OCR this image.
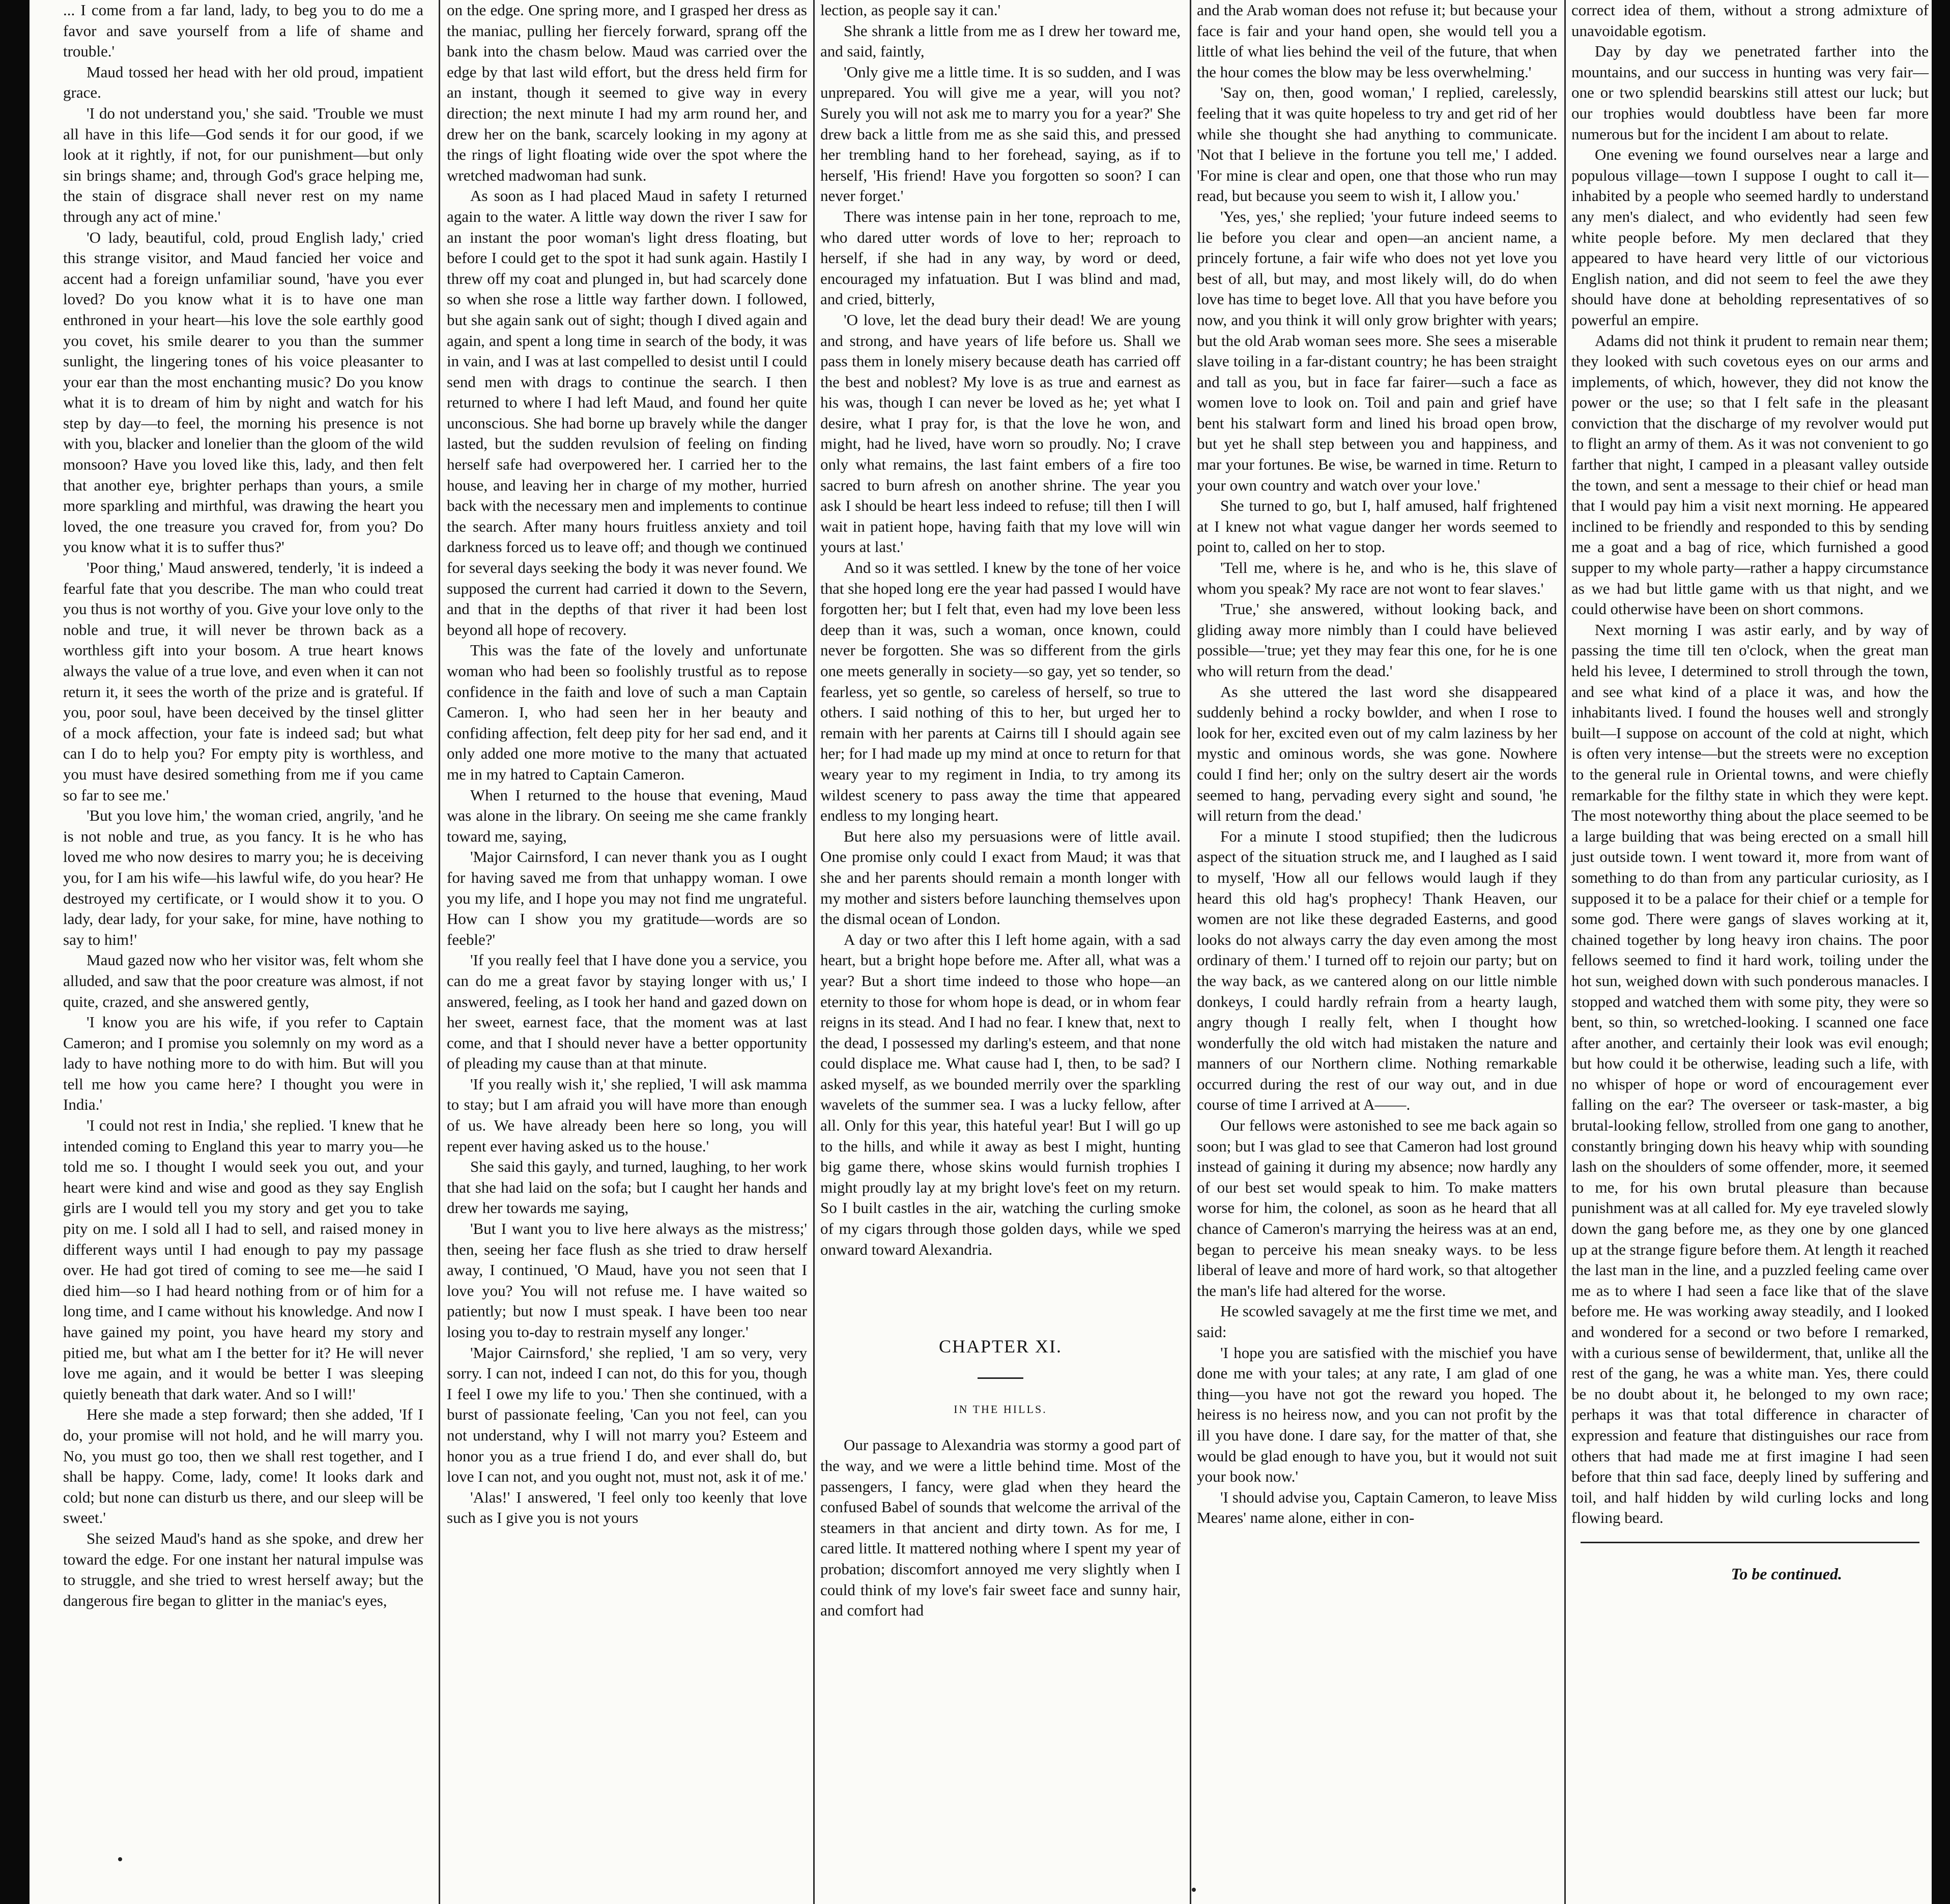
... I come from a far land, lady, to beg you to do me a favor and save yourself from a life of shame and trouble.'

Maud tossed her head with her old proud, impatient grace.

'I do not understand you,' she said. 'Trouble we must all have in this life—God sends it for our good, if we look at it rightly, if not, for our punishment—but only sin brings shame; and, through God's grace helping me, the stain of disgrace shall never rest on my name through any act of mine.'

'O lady, beautiful, cold, proud English lady,' cried this strange visitor, and Maud fancied her voice and accent had a foreign unfamiliar sound, 'have you ever loved? Do you know what it is to have one man enthroned in your heart—his love the sole earthly good you covet, his smile dearer to you than the summer sunlight, the lingering tones of his voice pleasanter to your ear than the most enchanting music? Do you know what it is to dream of him by night and watch for his step by day—to feel, the morning his presence is not with you, blacker and lonelier than the gloom of the wild monsoon? Have you loved like this, lady, and then felt that another eye, brighter perhaps than yours, a smile more sparkling and mirthful, was drawing the heart you loved, the one treasure you craved for, from you? Do you know what it is to suffer thus?'

'Poor thing,' Maud answered, tenderly, 'it is indeed a fearful fate that you describe. The man who could treat you thus is not worthy of you. Give your love only to the noble and true, it will never be thrown back as a worthless gift into your bosom. A true heart knows always the value of a true love, and even when it can not return it, it sees the worth of the prize and is grateful. If you, poor soul, have been deceived by the tinsel glitter of a mock affection, your fate is indeed sad; but what can I do to help you? For empty pity is worthless, and you must have desired something from me if you came so far to see me.'

'But you love him,' the woman cried, angrily, 'and he is not noble and true, as you fancy. It is he who has loved me who now desires to marry you; he is deceiving you, for I am his wife—his lawful wife, do you hear? He destroyed my certificate, or I would show it to you. O lady, dear lady, for your sake, for mine, have nothing to say to him!'

Maud gazed now who her visitor was, felt whom she alluded, and saw that the poor creature was almost, if not quite, crazed, and she answered gently,

'I know you are his wife, if you refer to Captain Cameron; and I promise you solemnly on my word as a lady to have nothing more to do with him. But will you tell me how you came here? I thought you were in India.'

'I could not rest in India,' she replied. 'I knew that he intended coming to England this year to marry you—he told me so. I thought I would seek you out, and your heart were kind and wise and good as they say English girls are I would tell you my story and get you to take pity on me. I sold all I had to sell, and raised money in different ways until I had enough to pay my passage over. He had got tired of coming to see me—he said I died him—so I had heard nothing from or of him for a long time, and I came without his knowledge. And now I have gained my point, you have heard my story and pitied me, but what am I the better for it? He will never love me again, and it would be better I was sleeping quietly beneath that dark water. And so I will!'

Here she made a step forward; then she added, 'If I do, your promise will not hold, and he will marry you. No, you must go too, then we shall rest together, and I shall be happy. Come, lady, come! It looks dark and cold; but none can disturb us there, and our sleep will be sweet.'

She seized Maud's hand as she spoke, and drew her toward the edge. For one instant her natural impulse was to struggle, and she tried to wrest herself away; but the dangerous fire began to glitter in the maniac's eyes,

on the edge. One spring more, and I grasped her dress as the maniac, pulling her fiercely forward, sprang off the bank into the chasm below. Maud was carried over the edge by that last wild effort, but the dress held firm for an instant, though it seemed to give way in every direction; the next minute I had my arm round her, and drew her on the bank, scarcely looking in my agony at the rings of light floating wide over the spot where the wretched madwoman had sunk.

As soon as I had placed Maud in safety I returned again to the water. A little way down the river I saw for an instant the poor woman's light dress floating, but before I could get to the spot it had sunk again. Hastily I threw off my coat and plunged in, but had scarcely done so when she rose a little way farther down. I followed, but she again sank out of sight; though I dived again and again, and spent a long time in search of the body, it was in vain, and I was at last compelled to desist until I could send men with drags to continue the search. I then returned to where I had left Maud, and found her quite unconscious. She had borne up bravely while the danger lasted, but the sudden revulsion of feeling on finding herself safe had overpowered her. I carried her to the house, and leaving her in charge of my mother, hurried back with the necessary men and implements to continue the search. After many hours fruitless anxiety and toil darkness forced us to leave off; and though we continued for several days seeking the body it was never found. We supposed the current had carried it down to the Severn, and that in the depths of that river it had been lost beyond all hope of recovery.

This was the fate of the lovely and unfortunate woman who had been so foolishly trustful as to repose confidence in the faith and love of such a man Captain Cameron. I, who had seen her in her beauty and confiding affection, felt deep pity for her sad end, and it only added one more motive to the many that actuated me in my hatred to Captain Cameron.

When I returned to the house that evening, Maud was alone in the library. On seeing me she came frankly toward me, saying,

'Major Cairnsford, I can never thank you as I ought for having saved me from that unhappy woman. I owe you my life, and I hope you may not find me ungrateful. How can I show you my gratitude—words are so feeble?'

'If you really feel that I have done you a service, you can do me a great favor by staying longer with us,' I answered, feeling, as I took her hand and gazed down on her sweet, earnest face, that the moment was at last come, and that I should never have a better opportunity of pleading my cause than at that minute.

'If you really wish it,' she replied, 'I will ask mamma to stay; but I am afraid you will have more than enough of us. We have already been here so long, you will repent ever having asked us to the house.'

She said this gayly, and turned, laughing, to her work that she had laid on the sofa; but I caught her hands and drew her towards me saying,

'But I want you to live here always as the mistress;' then, seeing her face flush as she tried to draw herself away, I continued, 'O Maud, have you not seen that I love you? You will not refuse me. I have waited so patiently; but now I must speak. I have been too near losing you to-day to restrain myself any longer.'

'Major Cairnsford,' she replied, 'I am so very, very sorry. I can not, indeed I can not, do this for you, though I feel I owe my life to you.' Then she continued, with a burst of passionate feeling, 'Can you not feel, can you not understand, why I will not marry you? Esteem and honor you as a true friend I do, and ever shall do, but love I can not, and you ought not, must not, ask it of me.'

'Alas!' I answered, 'I feel only too keenly that love such as I give you is not yours

lection, as people say it can.'

She shrank a little from me as I drew her toward me, and said, faintly,

'Only give me a little time. It is so sudden, and I was unprepared. You will give me a year, will you not? Surely you will not ask me to marry you for a year?' She drew back a little from me as she said this, and pressed her trembling hand to her forehead, saying, as if to herself, 'His friend! Have you forgotten so soon? I can never forget.'

There was intense pain in her tone, reproach to me, who dared utter words of love to her; reproach to herself, if she had in any way, by word or deed, encouraged my infatuation. But I was blind and mad, and cried, bitterly,

'O love, let the dead bury their dead! We are young and strong, and have years of life before us. Shall we pass them in lonely misery because death has carried off the best and noblest? My love is as true and earnest as his was, though I can never be loved as he; yet what I desire, what I pray for, is that the love he won, and might, had he lived, have worn so proudly. No; I crave only what remains, the last faint embers of a fire too sacred to burn afresh on another shrine. The year you ask I should be heart less indeed to refuse; till then I will wait in patient hope, having faith that my love will win yours at last.'

And so it was settled. I knew by the tone of her voice that she hoped long ere the year had passed I would have forgotten her; but I felt that, even had my love been less deep than it was, such a woman, once known, could never be forgotten. She was so different from the girls one meets generally in society—so gay, yet so tender, so fearless, yet so gentle, so careless of herself, so true to others. I said nothing of this to her, but urged her to remain with her parents at Cairns till I should again see her; for I had made up my mind at once to return for that weary year to my regiment in India, to try among its wildest scenery to pass away the time that appeared endless to my longing heart.

But here also my persuasions were of little avail. One promise only could I exact from Maud; it was that she and her parents should remain a month longer with my mother and sisters before launching themselves upon the dismal ocean of London.

A day or two after this I left home again, with a sad heart, but a bright hope before me. After all, what was a year? But a short time indeed to those who hope—an eternity to those for whom hope is dead, or in whom fear reigns in its stead. And I had no fear. I knew that, next to the dead, I possessed my darling's esteem, and that none could displace me. What cause had I, then, to be sad? I asked myself, as we bounded merrily over the sparkling wavelets of the summer sea. I was a lucky fellow, after all. Only for this year, this hateful year! But I will go up to the hills, and while it away as best I might, hunting big game there, whose skins would furnish trophies I might proudly lay at my bright love's feet on my return. So I built castles in the air, watching the curling smoke of my cigars through those golden days, while we sped onward toward Alexandria.

CHAPTER XI.
IN THE HILLS.

Our passage to Alexandria was stormy a good part of the way, and we were a little behind time. Most of the passengers, I fancy, were glad when they heard the confused Babel of sounds that welcome the arrival of the steamers in that ancient and dirty town. As for me, I cared little. It mattered nothing where I spent my year of probation; discomfort annoyed me very slightly when I could think of my love's fair sweet face and sunny hair, and comfort had

and the Arab woman does not refuse it; but because your face is fair and your hand open, she would tell you a little of what lies behind the veil of the future, that when the hour comes the blow may be less overwhelming.'

'Say on, then, good woman,' I replied, carelessly, feeling that it was quite hopeless to try and get rid of her while she thought she had anything to communicate. 'Not that I believe in the fortune you tell me,' I added. 'For mine is clear and open, one that those who run may read, but because you seem to wish it, I allow you.'

'Yes, yes,' she replied; 'your future indeed seems to lie before you clear and open—an ancient name, a princely fortune, a fair wife who does not yet love you best of all, but may, and most likely will, do do when love has time to beget love. All that you have before you now, and you think it will only grow brighter with years; but the old Arab woman sees more. She sees a miserable slave toiling in a far-distant country; he has been straight and tall as you, but in face far fairer—such a face as women love to look on. Toil and pain and grief have bent his stalwart form and lined his broad open brow, but yet he shall step between you and happiness, and mar your fortunes. Be wise, be warned in time. Return to your own country and watch over your love.'

She turned to go, but I, half amused, half frightened at I knew not what vague danger her words seemed to point to, called on her to stop.

'Tell me, where is he, and who is he, this slave of whom you speak? My race are not wont to fear slaves.'

'True,' she answered, without looking back, and gliding away more nimbly than I could have believed possible—'true; yet they may fear this one, for he is one who will return from the dead.'

As she uttered the last word she disappeared suddenly behind a rocky bowlder, and when I rose to look for her, excited even out of my calm laziness by her mystic and ominous words, she was gone. Nowhere could I find her; only on the sultry desert air the words seemed to hang, pervading every sight and sound, 'he will return from the dead.'

For a minute I stood stupified; then the ludicrous aspect of the situation struck me, and I laughed as I said to myself, 'How all our fellows would laugh if they heard this old hag's prophecy! Thank Heaven, our women are not like these degraded Easterns, and good looks do not always carry the day even among the most ordinary of them.' I turned off to rejoin our party; but on the way back, as we cantered along on our little nimble donkeys, I could hardly refrain from a hearty laugh, angry though I really felt, when I thought how wonderfully the old witch had mistaken the nature and manners of our Northern clime. Nothing remarkable occurred during the rest of our way out, and in due course of time I arrived at A——.

Our fellows were astonished to see me back again so soon; but I was glad to see that Cameron had lost ground instead of gaining it during my absence; now hardly any of our best set would speak to him. To make matters worse for him, the colonel, as soon as he heard that all chance of Cameron's marrying the heiress was at an end, began to perceive his mean sneaky ways. to be less liberal of leave and more of hard work, so that altogether the man's life had altered for the worse.

He scowled savagely at me the first time we met, and said:

'I hope you are satisfied with the mischief you have done me with your tales; at any rate, I am glad of one thing—you have not got the reward you hoped. The heiress is no heiress now, and you can not profit by the ill you have done. I dare say, for the matter of that, she would be glad enough to have you, but it would not suit your book now.'

'I should advise you, Captain Cameron, to leave Miss Meares' name alone, either in con-

correct idea of them, without a strong admixture of unavoidable egotism.

Day by day we penetrated farther into the mountains, and our success in hunting was very fair—one or two splendid bearskins still attest our luck; but our trophies would doubtless have been far more numerous but for the incident I am about to relate.

One evening we found ourselves near a large and populous village—town I suppose I ought to call it—inhabited by a people who seemed hardly to understand any men's dialect, and who evidently had seen few white people before. My men declared that they appeared to have heard very little of our victorious English nation, and did not seem to feel the awe they should have done at beholding representatives of so powerful an empire.

Adams did not think it prudent to remain near them; they looked with such covetous eyes on our arms and implements, of which, however, they did not know the power or the use; so that I felt safe in the pleasant conviction that the discharge of my revolver would put to flight an army of them. As it was not convenient to go farther that night, I camped in a pleasant valley outside the town, and sent a message to their chief or head man that I would pay him a visit next morning. He appeared inclined to be friendly and responded to this by sending me a goat and a bag of rice, which furnished a good supper to my whole party—rather a happy circumstance as we had but little game with us that night, and we could otherwise have been on short commons.

Next morning I was astir early, and by way of passing the time till ten o'clock, when the great man held his levee, I determined to stroll through the town, and see what kind of a place it was, and how the inhabitants lived. I found the houses well and strongly built—I suppose on account of the cold at night, which is often very intense—but the streets were no exception to the general rule in Oriental towns, and were chiefly remarkable for the filthy state in which they were kept. The most noteworthy thing about the place seemed to be a large building that was being erected on a small hill just outside town. I went toward it, more from want of something to do than from any particular curiosity, as I supposed it to be a palace for their chief or a temple for some god. There were gangs of slaves working at it, chained together by long heavy iron chains. The poor fellows seemed to find it hard work, toiling under the hot sun, weighed down with such ponderous manacles. I stopped and watched them with some pity, they were so bent, so thin, so wretched-looking. I scanned one face after another, and certainly their look was evil enough; but how could it be otherwise, leading such a life, with no whisper of hope or word of encouragement ever falling on the ear? The overseer or task-master, a big brutal-looking fellow, strolled from one gang to another, constantly bringing down his heavy whip with sounding lash on the shoulders of some offender, more, it seemed to me, for his own brutal pleasure than because punishment was at all called for. My eye traveled slowly down the gang before me, as they one by one glanced up at the strange figure before them. At length it reached the last man in the line, and a puzzled feeling came over me as to where I had seen a face like that of the slave before me. He was working away steadily, and I looked and wondered for a second or two before I remarked, with a curious sense of bewilderment, that, unlike all the rest of the gang, he was a white man. Yes, there could be no doubt about it, he belonged to my own race; perhaps it was that total difference in character of expression and feature that distinguishes our race from others that had made me at first imagine I had seen before that thin sad face, deeply lined by suffering and toil, and half hidden by wild curling locks and long flowing beard.

To be continued.
